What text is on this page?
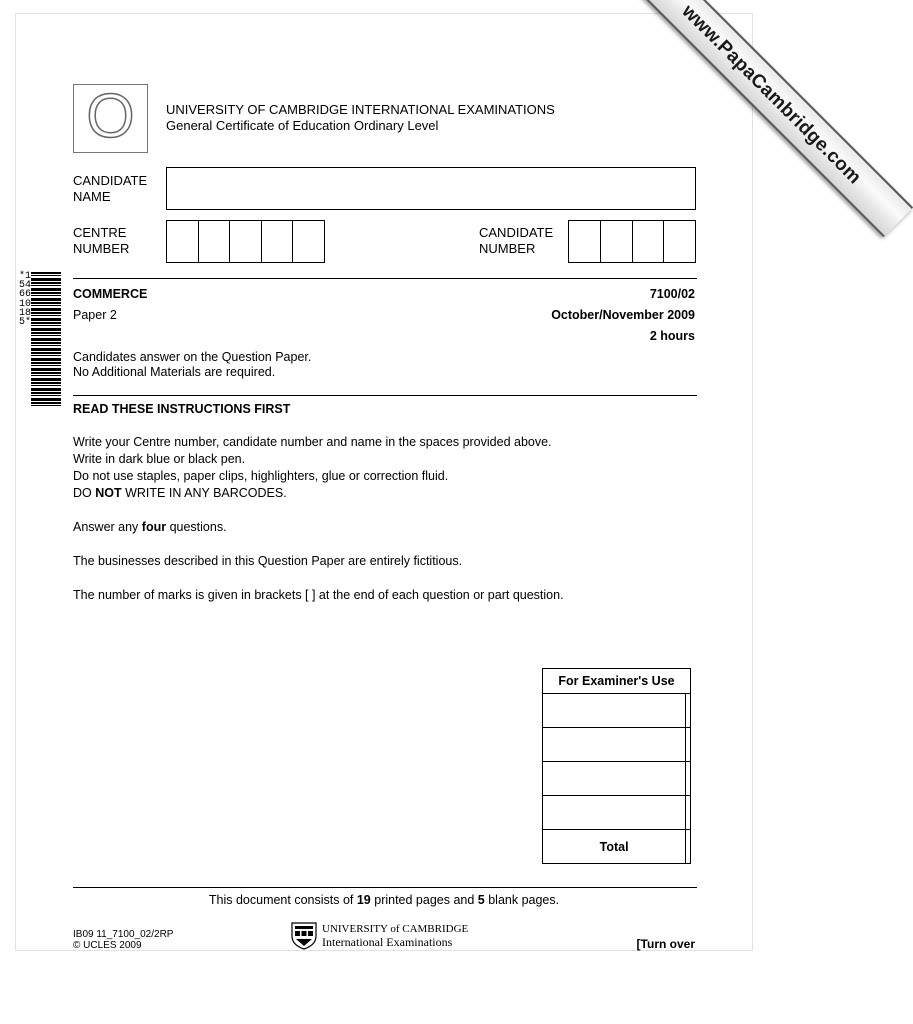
O	UNIVERSITY OF CAMBRIDGE INTERNATIONAL EXAMINATIONS
General Certificate of Education Ordinary Level
CANDIDATE
NAME
CENTRE
NUMBER
CANDIDATE
NUMBER
*1546610185*
COMMERCE	7100/02
Paper 2	October/November 2009
2 hours
Candidates answer on the Question Paper.
No Additional Materials are required.
READ THESE INSTRUCTIONS FIRST
Write your Centre number, candidate number and name in the spaces provided above.
Write in dark blue or black pen.
Do not use staples, paper clips, highlighters, glue or correction fluid.
DO NOT WRITE IN ANY BARCODES.
Answer any four questions.
The businesses described in this Question Paper are entirely fictitious.
The number of marks is given in brackets [ ] at the end of each question or part question.
For Examiner's Use	

Total	
This document consists of 19 printed pages and 5 blank pages.
IB09 11_7100_02/2RP
© UCLES 2009
UNIVERSITY of CAMBRIDGE
International Examinations	[Turn over
www.PapaCambridge.com
